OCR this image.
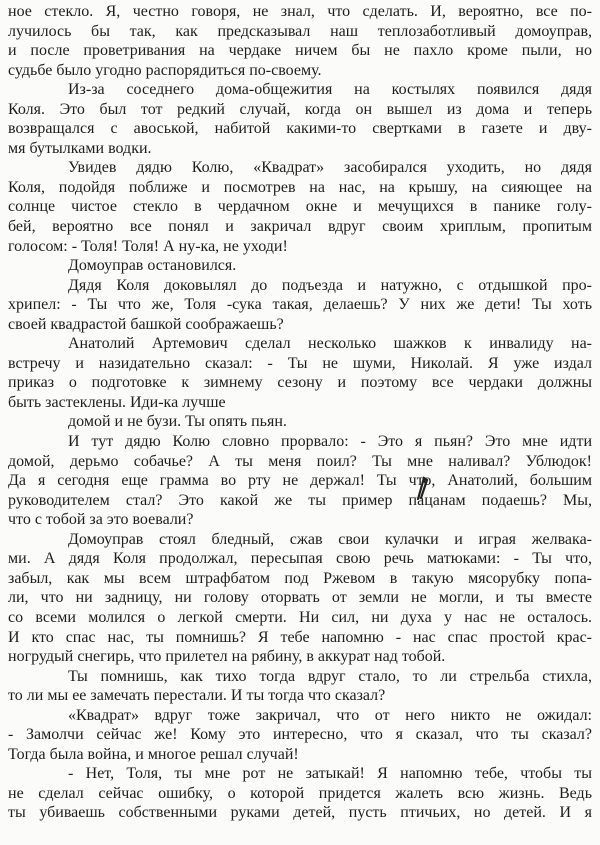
ное стекло. Я, честно говоря, не знал, что сделать. И, вероятно, все по-
лучилось бы так, как предсказывал наш теплозаботливый домоуправ,
и после проветривания на чердаке ничем бы не пахло кроме пыли, но
судьбе было угодно распорядиться по-своему.
Из-за соседнего дома-общежития на костылях появился дядя
Коля. Это был тот редкий случай, когда он вышел из дома и теперь
возвращался с авоськой, набитой какими-то свертками в газете и дву-
мя бутылками водки.
Увидев дядю Колю, «Квадрат» засобирался уходить, но дядя
Коля, подойдя поближе и посмотрев на нас, на крышу, на сияющее на
солнце чистое стекло в чердачном окне и мечущихся в панике голу-
бей, вероятно все понял и закричал вдруг своим хриплым, пропитым
голосом: - Толя! Толя! А ну-ка, не уходи!
Домоуправ остановился.
Дядя Коля доковылял до подъезда и натужно, с отдышкой про-
хрипел: - Ты что же, Толя -сука такая, делаешь? У них же дети! Ты хоть
своей квадрастой башкой соображаешь?
Анатолий Артемович сделал несколько шажков к инвалиду на-
встречу и назидательно сказал: - Ты не шуми, Николай. Я уже издал
приказ о подготовке к зимнему сезону и поэтому все чердаки должны
быть застеклены. Иди-ка лучше
домой и не бузи. Ты опять пьян.
И тут дядю Колю словно прорвало: - Это я пьян? Это мне идти
домой, дерьмо собачье? А ты меня поил? Ты мне наливал? Ублюдок!
Да я сегодня еще грамма во рту не держал! Ты что, Анатолий, большим
руководителем стал? Это какой же ты пример пацанам подаешь? Мы,
что с тобой за это воевали?
Домоуправ стоял бледный, сжав свои кулачки и играя желвака-
ми. А дядя Коля продолжал, пересыпая свою речь матюками: - Ты что,
забыл, как мы всем штрафбатом под Ржевом в такую мясорубку попа-
ли, что ни задницу, ни голову оторвать от земли не могли, и ты вместе
со всеми молился о легкой смерти. Ни сил, ни духа у нас не осталось.
И кто спас нас, ты помнишь? Я тебе напомню - нас спас простой крас-
ногрудый снегирь, что прилетел на рябину, в аккурат над тобой.
Ты помнишь, как тихо тогда вдруг стало, то ли стрельба стихла,
то ли мы ее замечать перестали. И ты тогда что сказал?
«Квадрат» вдруг тоже закричал, что от него никто не ожидал:
- Замолчи сейчас же! Кому это интересно, что я сказал, что ты сказал?
Тогда была война, и многое решал случай!
- Нет, Толя, ты мне рот не затыкай! Я напомню тебе, чтобы ты
не сделал сейчас ошибку, о которой придется жалеть всю жизнь. Ведь
ты убиваешь собственными руками детей, пусть птичьих, но детей. И я
